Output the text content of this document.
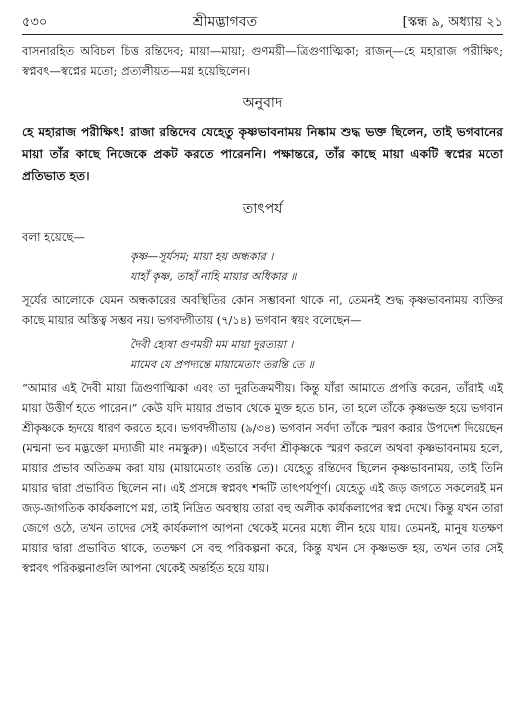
৫৩০	শ্রীমদ্ভাগবত	[স্কন্ধ ৯, অধ্যায় ২১

বাসনারহিত অবিচল চিত্ত রন্তিদেব; মায়া—মায়া; গুণময়ী—ত্রিগুণাত্মিকা; রাজন্—হে মহারাজ পরীক্ষিৎ; স্বপ্নবৎ—স্বপ্নের মতো; প্রত্যলীয়ত—মগ্ন হয়েছিলেন।

অনুবাদ

হে মহারাজ পরীক্ষিৎ! রাজা রন্তিদেব যেহেতু কৃষ্ণভাবনাময় নিষ্কাম শুদ্ধ ভক্ত ছিলেন, তাই ভগবানের মায়া তাঁর কাছে নিজেকে প্রকট করতে পারেননি। পক্ষান্তরে, তাঁর কাছে মায়া একটি স্বপ্নের মতো প্রতিভাত হত।

তাৎপর্য

বলা হয়েছে—

কৃষ্ণ—সূর্যসম; মায়া হয় অন্ধকার ।
যাহাঁ কৃষ্ণ, তাহাঁ নাহি মায়ার অধিকার ॥

সূর্যের আলোকে যেমন অন্ধকারের অবস্থিতির কোন সম্ভাবনা থাকে না, তেমনই শুদ্ধ কৃষ্ণভাবনাময় ব্যক্তির কাছে মায়ার অস্তিত্ব সম্ভব নয়। ভগবদ্গীতায় (৭/১৪) ভগবান স্বয়ং বলেছেন—

দৈবী হ্যেষা গুণময়ী মম মায়া দুরত্যয়া ।
মামেব যে প্রপদ্যন্তে মায়ামেতাং তরন্তি তে ॥

“আমার এই দৈবী মায়া ত্রিগুণাত্মিকা এবং তা দুরতিক্রমণীয়। কিন্তু যাঁরা আমাতে প্রপত্তি করেন, তাঁরাই এই মায়া উত্তীর্ণ হতে পারেন।” কেউ যদি মায়ার প্রভাব থেকে মুক্ত হতে চান, তা হলে তাঁকে কৃষ্ণভক্ত হয়ে ভগবান শ্রীকৃষ্ণকে হৃদয়ে ধারণ করতে হবে। ভগবদ্গীতায় (৯/৩৪) ভগবান সর্বদা তাঁকে স্মরণ করার উপদেশ দিয়েছেন (মন্মনা ভব মদ্ভক্তো মদ্যাজী মাং নমস্কুরু)। এইভাবে সর্বদা শ্রীকৃষ্ণকে স্মরণ করলে অথবা কৃষ্ণভাবনাময় হলে, মায়ার প্রভাব অতিক্রম করা যায় (মায়ামেতাং তরন্তি তে)। যেহেতু রন্তিদেব ছিলেন কৃষ্ণভাবনাময়, তাই তিনি মায়ার দ্বারা প্রভাবিত ছিলেন না। এই প্রসঙ্গে স্বপ্নবৎ শব্দটি তাৎপর্যপূর্ণ। যেহেতু এই জড় জগতে সকলেরই মন জড়-জাগতিক কার্যকলাপে মগ্ন, তাই নিদ্রিত অবস্থায় তারা বহু অলীক কার্যকলাপের স্বপ্ন দেখে। কিন্তু যখন তারা জেগে ওঠে, তখন তাদের সেই কার্যকলাপ আপনা থেকেই মনের মধ্যে লীন হয়ে যায়। তেমনই, মানুষ যতক্ষণ মায়ার দ্বারা প্রভাবিত থাকে, ততক্ষণ সে বহু পরিকল্পনা করে, কিন্তু যখন সে কৃষ্ণভক্ত হয়, তখন তার সেই স্বপ্নবৎ পরিকল্পনাগুলি আপনা থেকেই অন্তর্হিত হয়ে যায়।
